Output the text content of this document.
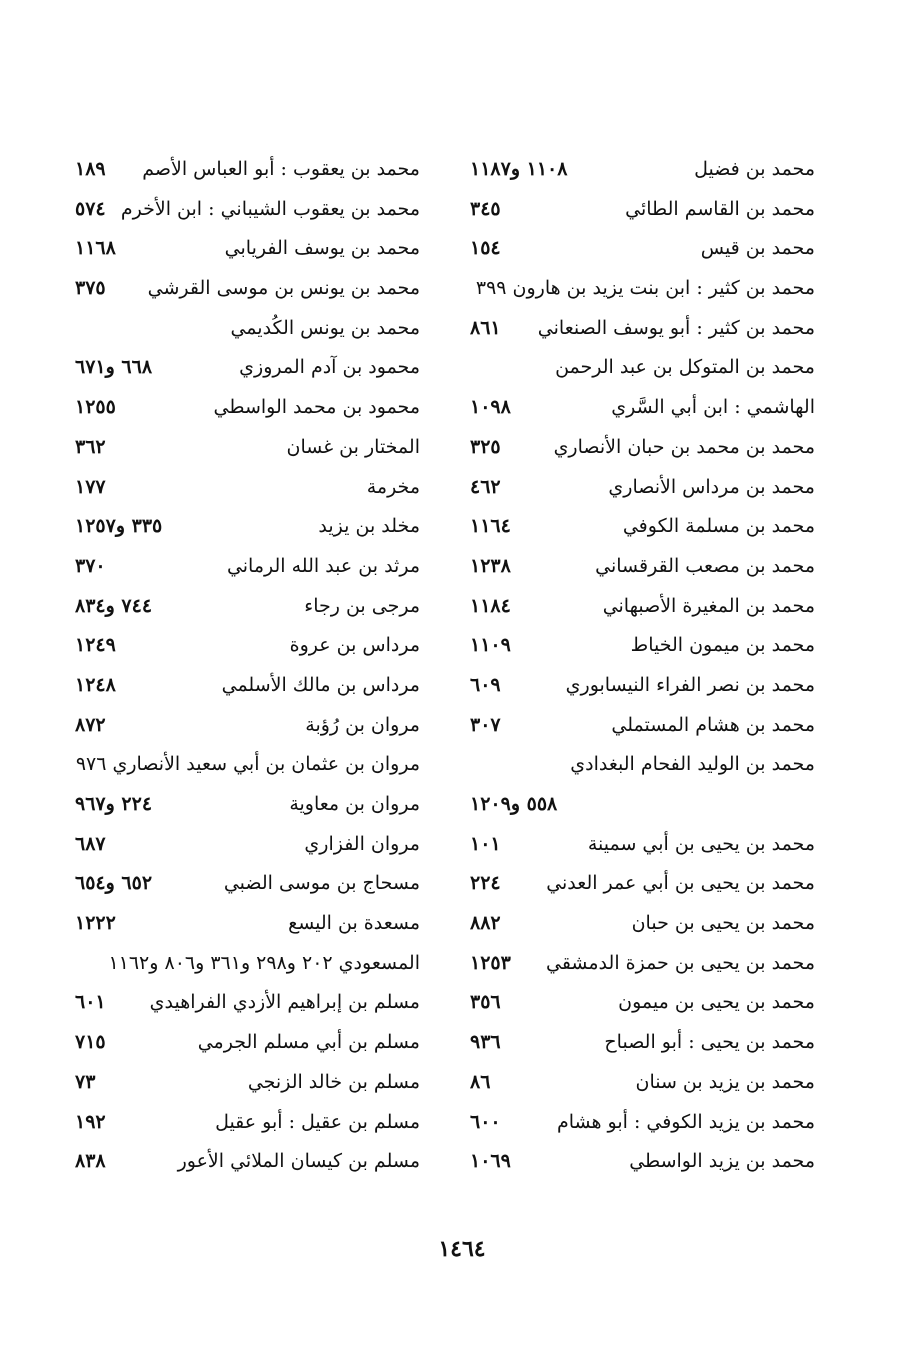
محمد بن فضيل
١١٠٨ و١١٨٧
محمد بن القاسم الطائي
٣٤٥
محمد بن قيس
١٥٤
محمد بن كثير : ابن بنت يزيد بن هارون ٣٩٩
محمد بن كثير : أبو يوسف الصنعاني
٨٦١
محمد بن المتوكل بن عبد الرحمن
الهاشمي : ابن أبي السَّري
١٠٩٨
محمد بن محمد بن حبان الأنصاري
٣٢٥
محمد بن مرداس الأنصاري
٤٦٢
محمد بن مسلمة الكوفي
١١٦٤
محمد بن مصعب القرقساني
١٢٣٨
محمد بن المغيرة الأصبهاني
١١٨٤
محمد بن ميمون الخياط
١١٠٩
محمد بن نصر الفراء النيسابوري
٦٠٩
محمد بن هشام المستملي
٣٠٧
محمد بن الوليد الفحام البغدادي
٥٥٨ و١٢٠٩
محمد بن يحيى بن أبي سمينة
١٠١
محمد بن يحيى بن أبي عمر العدني
٢٢٤
محمد بن يحيى بن حبان
٨٨٢
محمد بن يحيى بن حمزة الدمشقي
١٢٥٣
محمد بن يحيى بن ميمون
٣٥٦
محمد بن يحيى : أبو الصباح
٩٣٦
محمد بن يزيد بن سنان
٨٦
محمد بن يزيد الكوفي : أبو هشام
٦٠٠
محمد بن يزيد الواسطي
١٠٦٩
محمد بن يعقوب : أبو العباس الأصم
١٨٩
محمد بن يعقوب الشيباني : ابن الأخرم
٥٧٤
محمد بن يوسف الفريابي
١١٦٨
محمد بن يونس بن موسى القرشي
٣٧٥
محمد بن يونس الكُديمي
محمود بن آدم المروزي
٦٦٨ و٦٧١
محمود بن محمد الواسطي
١٢٥٥
المختار بن غسان
٣٦٢
مخرمة
١٧٧
مخلد بن يزيد
٣٣٥ و١٢٥٧
مرثد بن عبد الله الرماني
٣٧٠
مرجى بن رجاء
٧٤٤ و٨٣٤
مرداس بن عروة
١٢٤٩
مرداس بن مالك الأسلمي
١٢٤٨
مروان بن رُؤبة
٨٧٢
مروان بن عثمان بن أبي سعيد الأنصاري ٩٧٦
مروان بن معاوية
٢٢٤ و٩٦٧
مروان الفزاري
٦٨٧
مسحاج بن موسى الضبي
٦٥٢ و٦٥٤
مسعدة بن اليسع
١٢٢٢
المسعودي ٢٠٢ و٢٩٨ و٣٦١ و٨٠٦ و١١٦٢
مسلم بن إبراهيم الأزدي الفراهيدي
٦٠١
مسلم بن أبي مسلم الجرمي
٧١٥
مسلم بن خالد الزنجي
٧٣
مسلم بن عقيل : أبو عقيل
١٩٢
مسلم بن كيسان الملائي الأعور
٨٣٨
١٤٦٤
